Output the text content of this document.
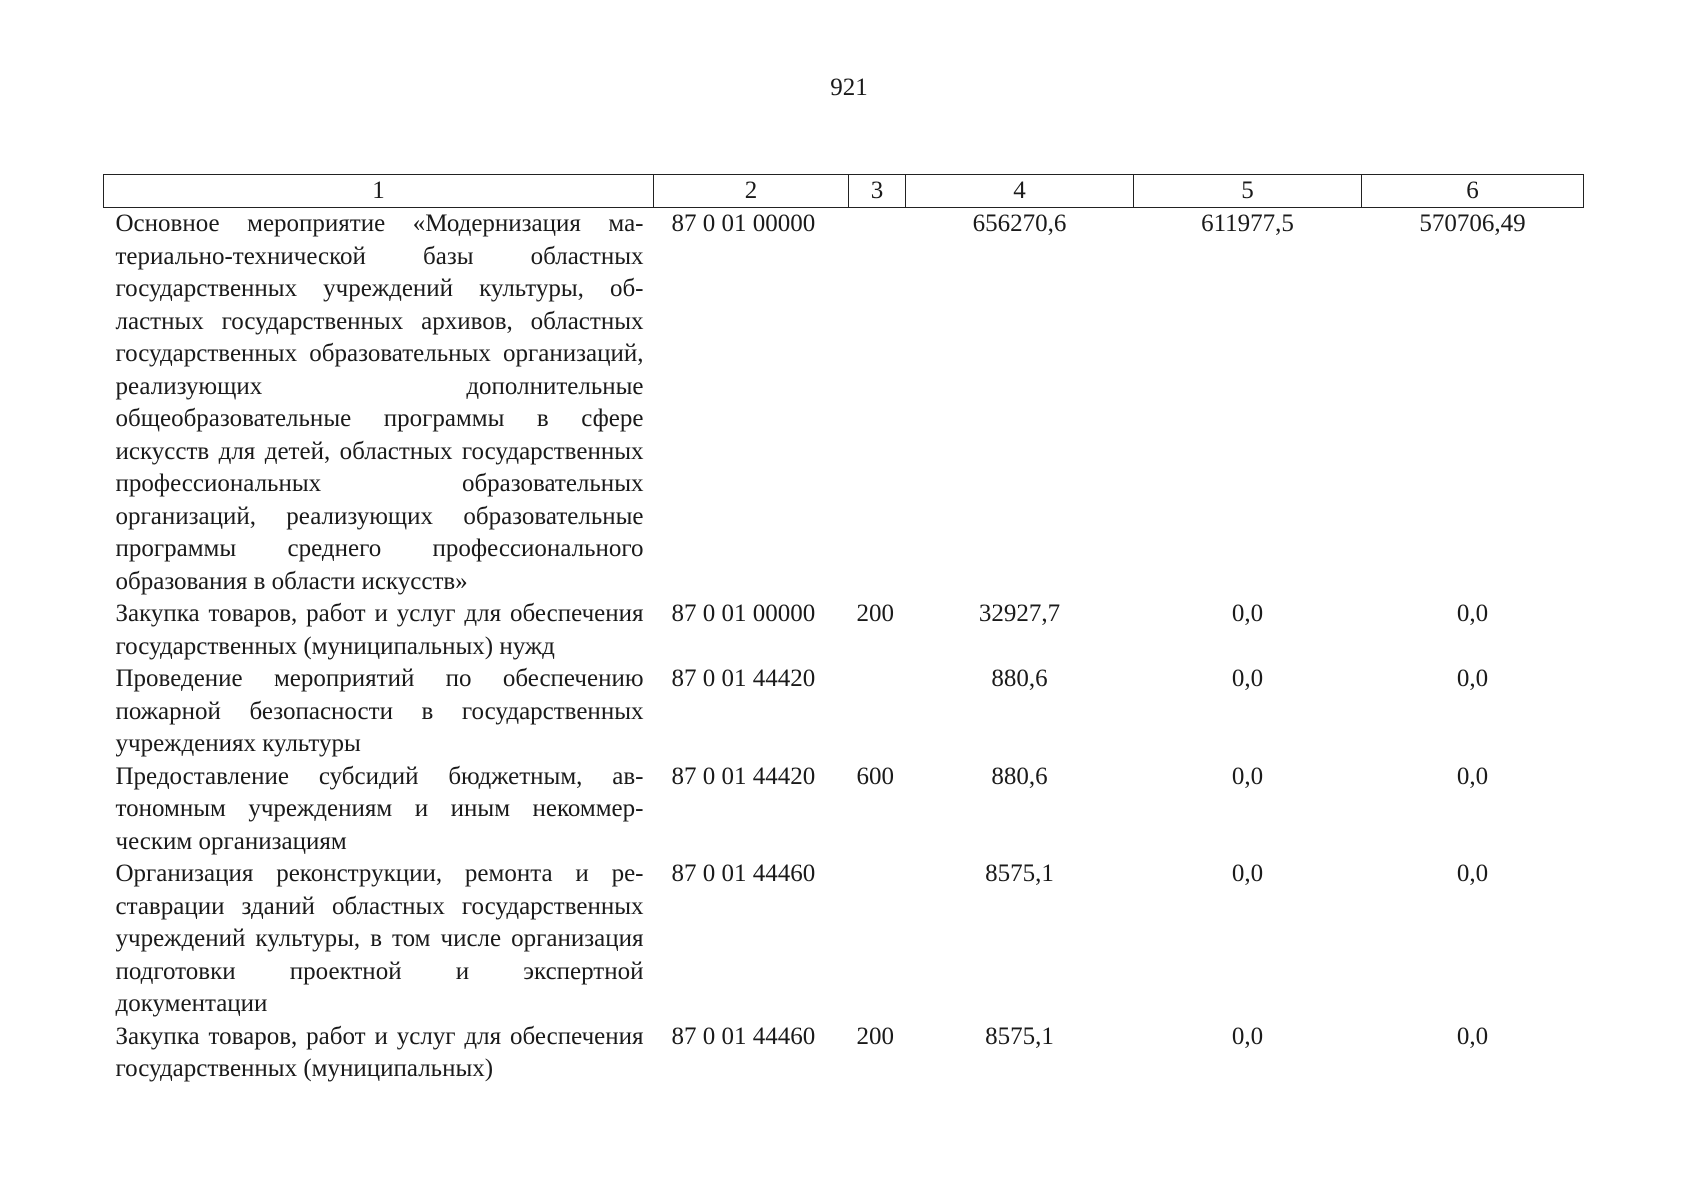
921
1	2	3	4	5	6
Основное мероприятие «Модернизация материально-технической базы областных государственных учреждений культуры, областных государственных архивов, областных государственных образовательных организаций, реализующих дополнительные общеобразовательные программы в сфере искусств для детей, областных государственных профессиональных образовательных организаций, реализующих образовательные программы среднего профессионального образования в области искусств»	87 0 01 00000		656270,6	611977,5	570706,49
Закупка товаров, работ и услуг для обеспечения государственных (муниципальных) нужд	87 0 01 00000	200	32927,7	0,0	0,0
Проведение мероприятий по обеспечению пожарной безопасности в государственных учреждениях культуры	87 0 01 44420		880,6	0,0	0,0
Предоставление субсидий бюджетным, автономным учреждениям и иным некоммерческим организациям	87 0 01 44420	600	880,6	0,0	0,0
Организация реконструкции, ремонта и реставрации зданий областных государственных учреждений культуры, в том числе организация подготовки проектной и экспертной документации	87 0 01 44460		8575,1	0,0	0,0
Закупка товаров, работ и услуг для обеспечения государственных (муниципальных)	87 0 01 44460	200	8575,1	0,0	0,0
